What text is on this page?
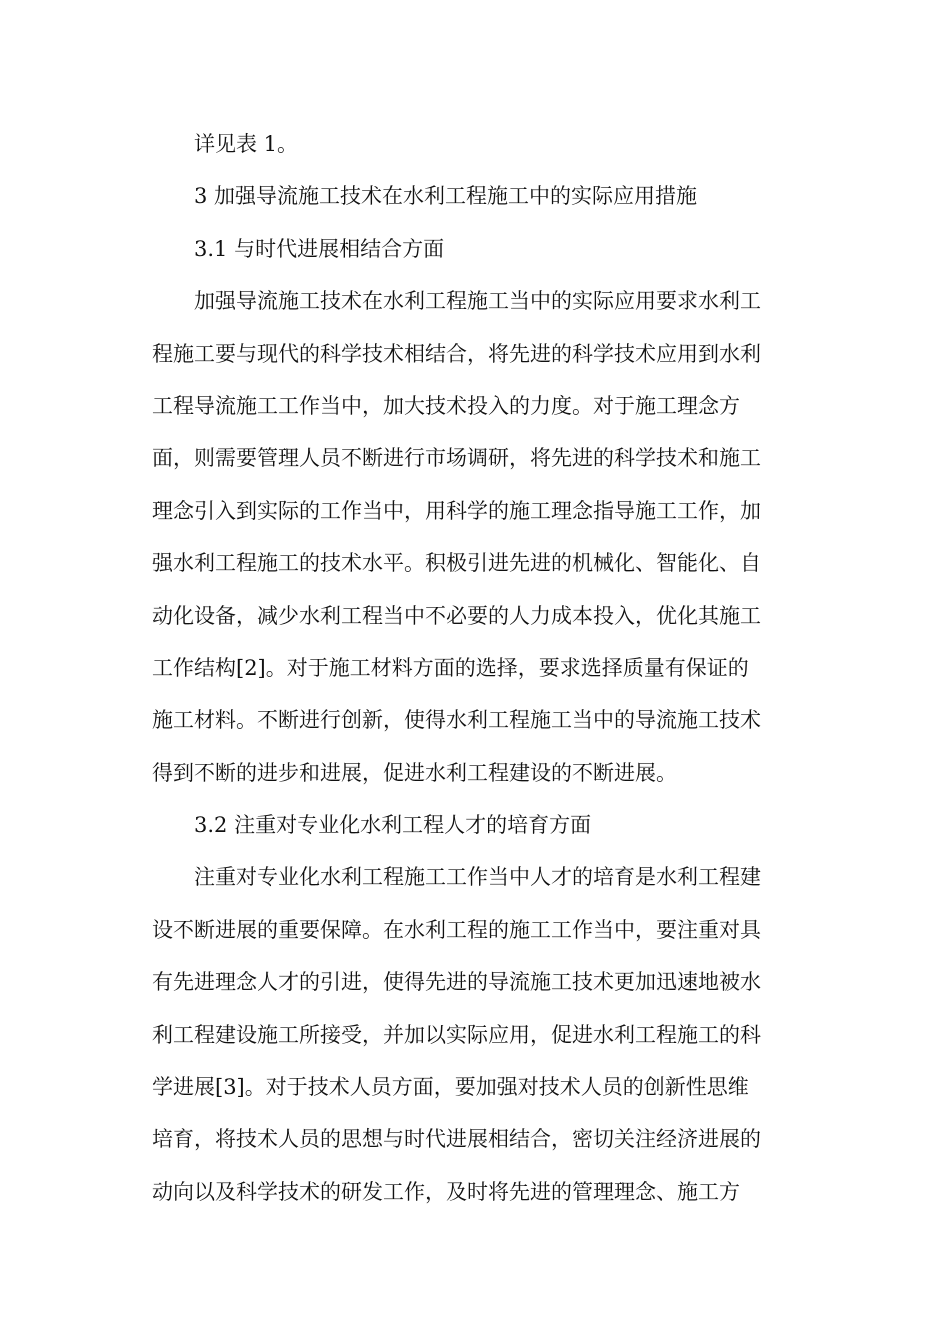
详见表 1。
3 加强导流施工技术在水利工程施工中的实际应用措施
3.1 与时代进展相结合方面
加强导流施工技术在水利工程施工当中的实际应用要求水利工
程施工要与现代的科学技术相结合，将先进的科学技术应用到水利
工程导流施工工作当中，加大技术投入的力度。对于施工理念方
面，则需要管理人员不断进行市场调研，将先进的科学技术和施工
理念引入到实际的工作当中，用科学的施工理念指导施工工作，加
强水利工程施工的技术水平。积极引进先进的机械化、智能化、自
动化设备，减少水利工程当中不必要的人力成本投入，优化其施工
工作结构[2]。对于施工材料方面的选择，要求选择质量有保证的
施工材料。不断进行创新，使得水利工程施工当中的导流施工技术
得到不断的进步和进展，促进水利工程建设的不断进展。
3.2 注重对专业化水利工程人才的培育方面
注重对专业化水利工程施工工作当中人才的培育是水利工程建
设不断进展的重要保障。在水利工程的施工工作当中，要注重对具
有先进理念人才的引进，使得先进的导流施工技术更加迅速地被水
利工程建设施工所接受，并加以实际应用，促进水利工程施工的科
学进展[3]。对于技术人员方面，要加强对技术人员的创新性思维
培育，将技术人员的思想与时代进展相结合，密切关注经济进展的
动向以及科学技术的研发工作，及时将先进的管理理念、施工方
